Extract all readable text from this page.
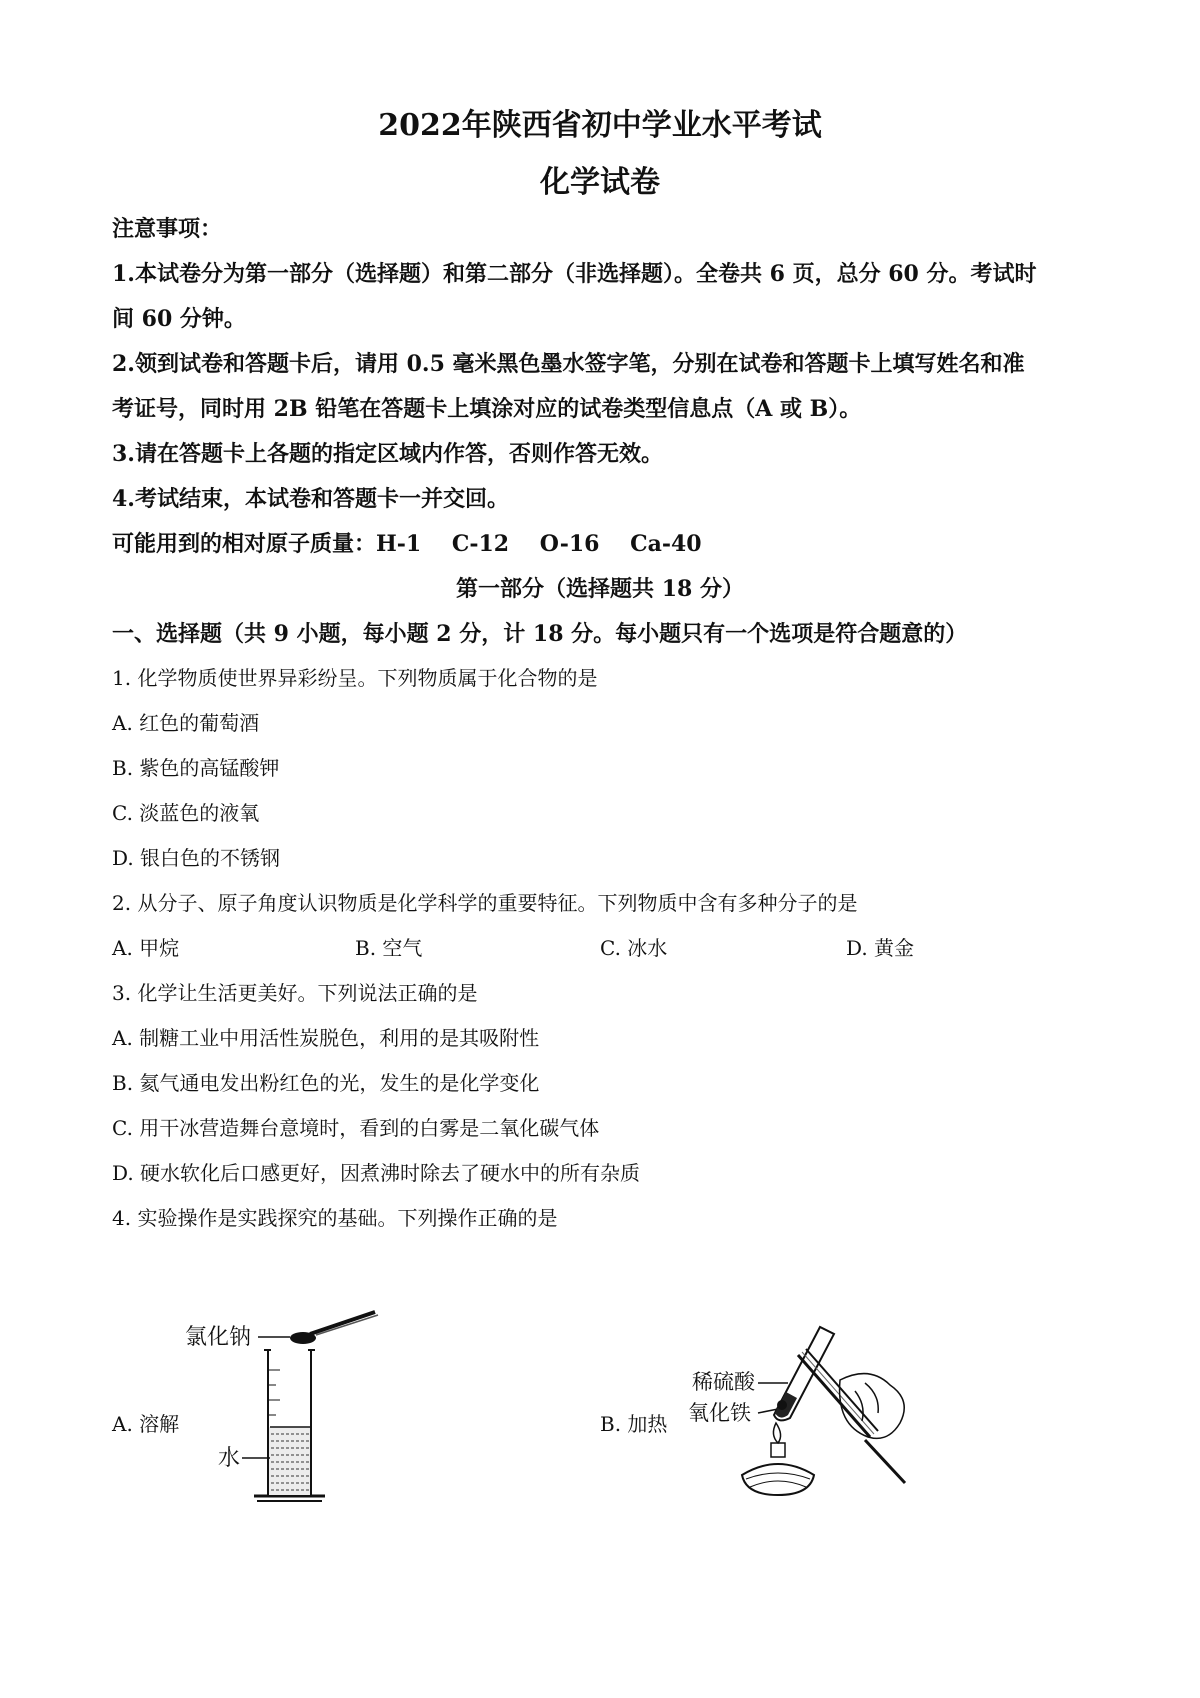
2022年陕西省初中学业水平考试
化学试卷
注意事项：
1.本试卷分为第一部分（选择题）和第二部分（非选择题）。全卷共 6 页，总分 60 分。考试时
间 60 分钟。
2.领到试卷和答题卡后，请用 0.5 毫米黑色墨水签字笔，分别在试卷和答题卡上填写姓名和准
考证号，同时用 2B 铅笔在答题卡上填涂对应的试卷类型信息点（A 或 B）。
3.请在答题卡上各题的指定区域内作答，否则作答无效。
4.考试结束，本试卷和答题卡一并交回。
可能用到的相对原子质量：H-1    C-12    O-16    Ca-40
第一部分（选择题共 18 分）
一、选择题（共 9 小题，每小题 2 分，计 18 分。每小题只有一个选项是符合题意的）
1. 化学物质使世界异彩纷呈。下列物质属于化合物的是
A. 红色的葡萄酒
B. 紫色的高锰酸钾
C. 淡蓝色的液氧
D. 银白色的不锈钢
2. 从分子、原子角度认识物质是化学科学的重要特征。下列物质中含有多种分子的是
A. 甲烷	B. 空气	C. 冰水	D. 黄金
3. 化学让生活更美好。下列说法正确的是
A. 制糖工业中用活性炭脱色，利用的是其吸附性
B. 氦气通电发出粉红色的光，发生的是化学变化
C. 用干冰营造舞台意境时，看到的白雾是二氧化碳气体
D. 硬水软化后口感更好，因煮沸时除去了硬水中的所有杂质
4. 实验操作是实践探究的基础。下列操作正确的是
A. 溶解	B. 加热
氯化钠
水
稀硫酸
氧化铁
